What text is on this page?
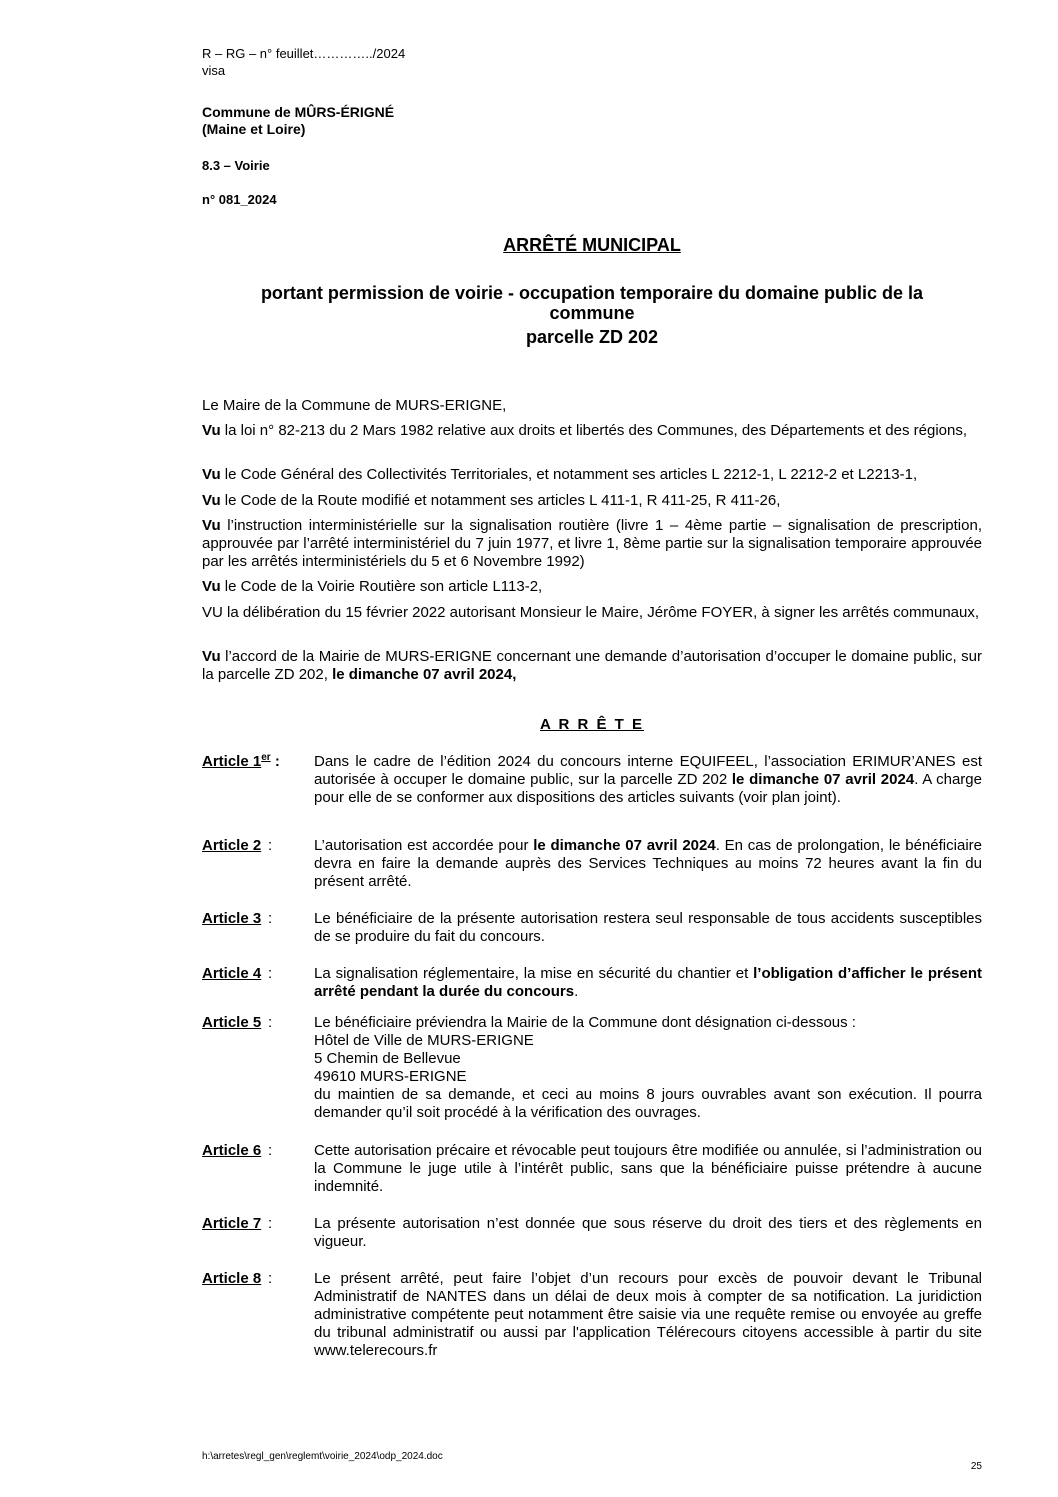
R – RG – n° feuillet…………../2024
visa
Commune de MÛRS-ÉRIGNÉ
(Maine et Loire)
8.3 – Voirie
n° 081_2024
ARRÊTÉ MUNICIPAL
portant permission de voirie - occupation temporaire du domaine public de la
commune
parcelle ZD 202
Le Maire de la Commune de MURS-ERIGNE,
Vu la loi n° 82-213 du 2 Mars 1982 relative aux droits et libertés des Communes, des Départements et des régions,
Vu le Code Général des Collectivités Territoriales, et notamment ses articles L 2212-1, L 2212-2 et L2213-1,
Vu le Code de la Route modifié et notamment ses articles L 411-1, R 411-25, R 411-26,
Vu l’instruction interministérielle sur la signalisation routière (livre 1 – 4ème partie – signalisation de prescription, approuvée par l’arrêté interministériel du 7 juin 1977, et livre 1, 8ème partie sur la signalisation temporaire approuvée par les arrêtés interministériels du 5 et 6 Novembre 1992)
Vu le Code de la Voirie Routière son article L113-2,
VU la délibération du 15 février 2022 autorisant Monsieur le Maire, Jérôme FOYER, à signer les arrêtés communaux,
Vu l’accord de la Mairie de MURS-ERIGNE concernant une demande d’autorisation d’occuper le domaine public, sur la parcelle ZD 202, le dimanche 07 avril 2024,
A R R Ê T E
Article 1er : Dans le cadre de l’édition 2024 du concours interne EQUIFEEL, l’association ERIMUR’ANES est autorisée à occuper le domaine public, sur la parcelle ZD 202 le dimanche 07 avril 2024. A charge pour elle de se conformer aux dispositions des articles suivants (voir plan joint).
Article 2 :	L’autorisation est accordée pour le dimanche 07 avril 2024. En cas de prolongation, le bénéficiaire devra en faire la demande auprès des Services Techniques au moins 72 heures avant la fin du présent arrêté.
Article 3 :	Le bénéficiaire de la présente autorisation restera seul responsable de tous accidents susceptibles de se produire du fait du concours.
Article 4 :	La signalisation réglementaire, la mise en sécurité du chantier et l’obligation d’afficher le présent arrêté pendant la durée du concours.
Article 5 :	Le bénéficiaire préviendra la Mairie de la Commune dont désignation ci-dessous :
Hôtel de Ville de MURS-ERIGNE
5 Chemin de Bellevue
49610 MURS-ERIGNE
du maintien de sa demande, et ceci au moins 8 jours ouvrables avant son exécution. Il pourra demander qu’il soit procédé à la vérification des ouvrages.
Article 6 :	Cette autorisation précaire et révocable peut toujours être modifiée ou annulée, si l’administration ou la Commune le juge utile à l’intérêt public, sans que la bénéficiaire puisse prétendre à aucune indemnité.
Article 7 :	La présente autorisation n’est donnée que sous réserve du droit des tiers et des règlements en vigueur.
Article 8 :	Le présent arrêté, peut faire l’objet d’un recours pour excès de pouvoir devant le Tribunal Administratif de NANTES dans un délai de deux mois à compter de sa notification. La juridiction administrative compétente peut notamment être saisie via une requête remise ou envoyée au greffe du tribunal administratif ou aussi par l'application Télérecours citoyens accessible à partir du site www.telerecours.fr
h:\arretes\regl_gen\reglemt\voirie_2024\odp_2024.doc
25
